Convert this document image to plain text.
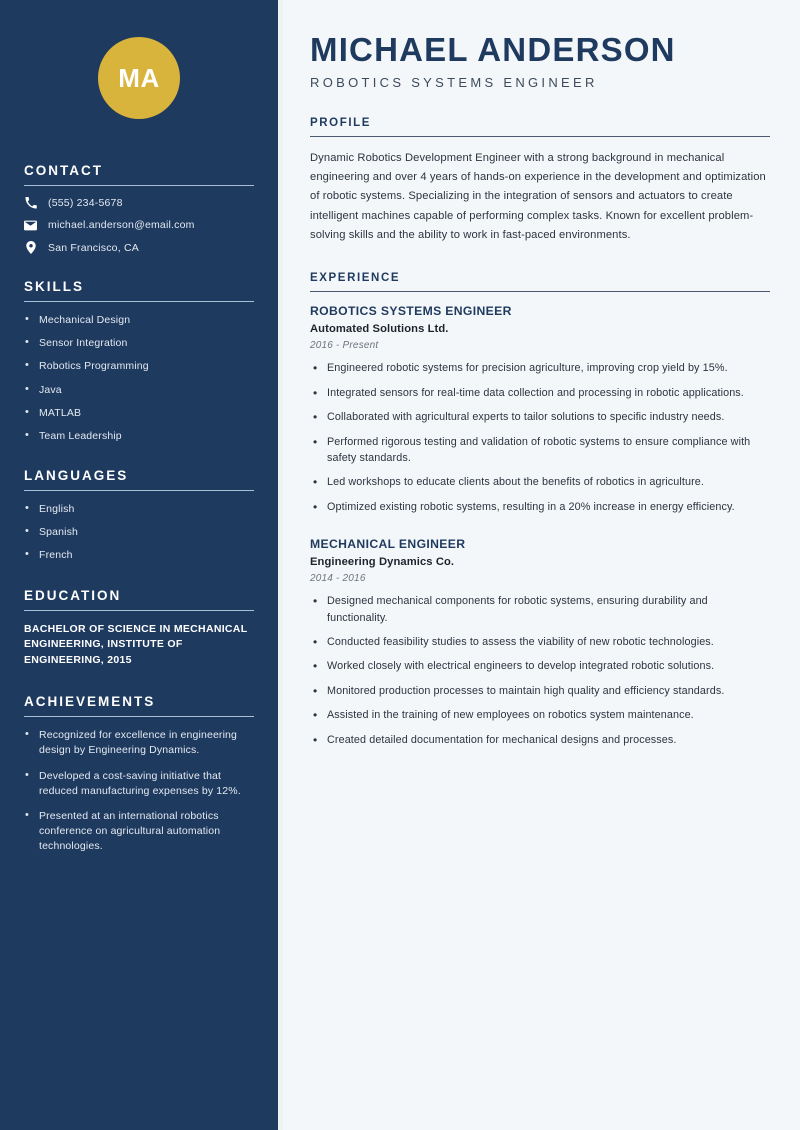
MA
CONTACT
(555) 234-5678
michael.anderson@email.com
San Francisco, CA
SKILLS
• Mechanical Design
• Sensor Integration
• Robotics Programming
• Java
• MATLAB
• Team Leadership
LANGUAGES
• English
• Spanish
• French
EDUCATION
BACHELOR OF SCIENCE IN MECHANICAL ENGINEERING, INSTITUTE OF ENGINEERING, 2015
ACHIEVEMENTS
• Recognized for excellence in engineering design by Engineering Dynamics.
• Developed a cost-saving initiative that reduced manufacturing expenses by 12%.
• Presented at an international robotics conference on agricultural automation technologies.
MICHAEL ANDERSON
ROBOTICS SYSTEMS ENGINEER
PROFILE

Dynamic Robotics Development Engineer with a strong background in mechanical engineering and over 4 years of hands-on experience in the development and optimization of robotic systems. Specializing in the integration of sensors and actuators to create intelligent machines capable of performing complex tasks. Known for excellent problem-solving skills and the ability to work in fast-paced environments.

EXPERIENCE
ROBOTICS SYSTEMS ENGINEER
Automated Solutions Ltd.
2016 - Present
• Engineered robotic systems for precision agriculture, improving crop yield by 15%.
• Integrated sensors for real-time data collection and processing in robotic applications.
• Collaborated with agricultural experts to tailor solutions to specific industry needs.
• Performed rigorous testing and validation of robotic systems to ensure compliance with safety standards.
• Led workshops to educate clients about the benefits of robotics in agriculture.
• Optimized existing robotic systems, resulting in a 20% increase in energy efficiency.
MECHANICAL ENGINEER
Engineering Dynamics Co.
2014 - 2016
• Designed mechanical components for robotic systems, ensuring durability and functionality.
• Conducted feasibility studies to assess the viability of new robotic technologies.
• Worked closely with electrical engineers to develop integrated robotic solutions.
• Monitored production processes to maintain high quality and efficiency standards.
• Assisted in the training of new employees on robotics system maintenance.
• Created detailed documentation for mechanical designs and processes.
